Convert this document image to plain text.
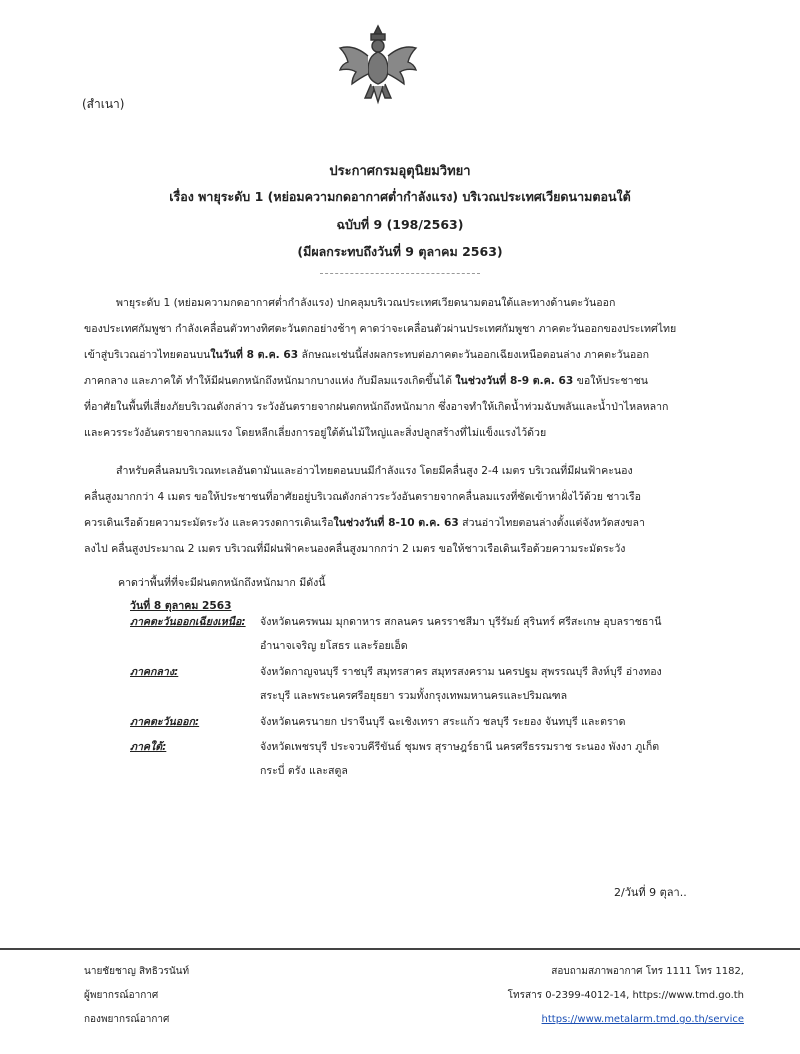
(สำเนา)
ประกาศกรมอุตุนิยมวิทยา
เรื่อง พายุระดับ 1 (หย่อมความกดอากาศต่ำกำลังแรง) บริเวณประเทศเวียดนามตอนใต้
ฉบับที่ 9 (198/2563)
(มีผลกระทบถึงวันที่ 9 ตุลาคม 2563)
พายุระดับ 1 (หย่อมความกดอากาศต่ำกำลังแรง) ปกคลุมบริเวณประเทศเวียดนามตอนใต้และทางด้านตะวันออก
ของประเทศกัมพูชา กำลังเคลื่อนตัวทางทิศตะวันตกอย่างช้าๆ คาดว่าจะเคลื่อนตัวผ่านประเทศกัมพูชา ภาคตะวันออกของประเทศไทย
เข้าสู่บริเวณอ่าวไทยตอนบนในวันที่ 8 ต.ค. 63 ลักษณะเช่นนี้ส่งผลกระทบต่อภาคตะวันออกเฉียงเหนือตอนล่าง ภาคตะวันออก
ภาคกลาง และภาคใต้ ทำให้มีฝนตกหนักถึงหนักมากบางแห่ง กับมีลมแรงเกิดขึ้นได้ ในช่วงวันที่ 8-9 ต.ค. 63 ขอให้ประชาชน
ที่อาศัยในพื้นที่เสี่ยงภัยบริเวณดังกล่าว ระวังอันตรายจากฝนตกหนักถึงหนักมาก ซึ่งอาจทำให้เกิดน้ำท่วมฉับพลันและน้ำป่าไหลหลาก
และควรระวังอันตรายจากลมแรง โดยหลีกเลี่ยงการอยู่ใต้ต้นไม้ใหญ่และสิ่งปลูกสร้างที่ไม่แข็งแรงไว้ด้วย
สำหรับคลื่นลมบริเวณทะเลอันดามันและอ่าวไทยตอนบนมีกำลังแรง โดยมีคลื่นสูง 2-4 เมตร บริเวณที่มีฝนฟ้าคะนอง
คลื่นสูงมากกว่า 4 เมตร ขอให้ประชาชนที่อาศัยอยู่บริเวณดังกล่าวระวังอันตรายจากคลื่นลมแรงที่ซัดเข้าหาฝั่งไว้ด้วย ชาวเรือ
ควรเดินเรือด้วยความระมัดระวัง และควรงดการเดินเรือในช่วงวันที่ 8-10 ต.ค. 63 ส่วนอ่าวไทยตอนล่างตั้งแต่จังหวัดสงขลา
ลงไป คลื่นสูงประมาณ 2 เมตร บริเวณที่มีฝนฟ้าคะนองคลื่นสูงมากกว่า 2 เมตร ขอให้ชาวเรือเดินเรือด้วยความระมัดระวัง
คาดว่าพื้นที่ที่จะมีฝนตกหนักถึงหนักมาก มีดังนี้
วันที่ 8 ตุลาคม 2563
ภาคตะวันออกเฉียงเหนือ:	จังหวัดนครพนม มุกดาหาร สกลนคร นครราชสีมา บุรีรัมย์ สุรินทร์ ศรีสะเกษ อุบลราชธานี
อำนาจเจริญ ยโสธร และร้อยเอ็ด
ภาคกลาง:	จังหวัดกาญจนบุรี ราชบุรี สมุทรสาคร สมุทรสงคราม นครปฐม สุพรรณบุรี สิงห์บุรี อ่างทอง
สระบุรี และพระนครศรีอยุธยา รวมทั้งกรุงเทพมหานครและปริมณฑล
ภาคตะวันออก:	จังหวัดนครนายก ปราจีนบุรี ฉะเชิงเทรา สระแก้ว ชลบุรี ระยอง จันทบุรี และตราด
ภาคใต้:	จังหวัดเพชรบุรี ประจวบคีรีขันธ์ ชุมพร สุราษฎร์ธานี นครศรีธรรมราช ระนอง พังงา ภูเก็ต
กระบี่ ตรัง และสตูล
2/วันที่ 9 ตุลา..
นายชัยชาญ สิทธิวรนันท์
ผู้พยากรณ์อากาศ
กองพยากรณ์อากาศ
สอบถามสภาพอากาศ โทร 1111 โทร 1182,
โทรสาร 0-2399-4012-14, https://www.tmd.go.th
https://www.metalarm.tmd.go.th/service
